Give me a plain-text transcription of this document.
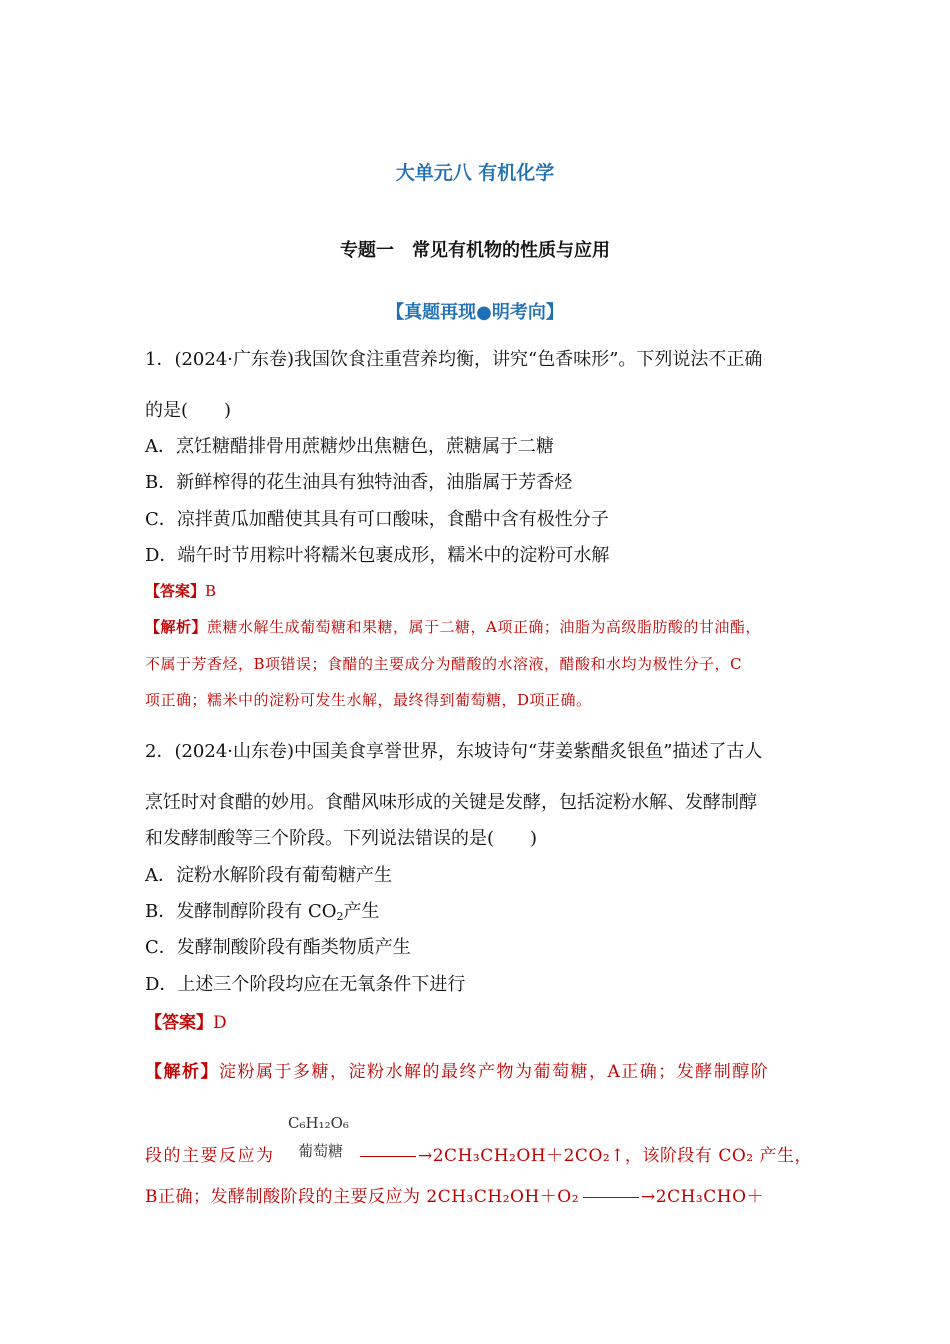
大单元八 有机化学
专题一　常见有机物的性质与应用
【真题再现●明考向】
1．(2024·广东卷)我国饮食注重营养均衡，讲究“色香味形”。下列说法不正确
的是(　　)
A．烹饪糖醋排骨用蔗糖炒出焦糖色，蔗糖属于二糖
B．新鲜榨得的花生油具有独特油香，油脂属于芳香烃
C．凉拌黄瓜加醋使其具有可口酸味，食醋中含有极性分子
D．端午时节用粽叶将糯米包裹成形，糯米中的淀粉可水解
【答案】B
【解析】蔗糖水解生成葡萄糖和果糖，属于二糖，A项正确；油脂为高级脂肪酸的甘油酯，
不属于芳香烃，B项错误；食醋的主要成分为醋酸的水溶液，醋酸和水均为极性分子，C
项正确；糯米中的淀粉可发生水解，最终得到葡萄糖，D项正确。
2．(2024·山东卷)中国美食享誉世界，东坡诗句“芽姜紫醋炙银鱼”描述了古人
烹饪时对食醋的妙用。食醋风味形成的关键是发酵，包括淀粉水解、发酵制醇
和发酵制酸等三个阶段。下列说法错误的是(　　)
A．淀粉水解阶段有葡萄糖产生
B．发酵制醇阶段有 $CO_2$产生
C．发酵制酸阶段有酯类物质产生
D．上述三个阶段均应在无氧条件下进行
【答案】D
【解析】淀粉属于多糖，淀粉水解的最终产物为葡萄糖，A正确；发酵制醇阶
C₆H₁₂O₆
葡萄糖
段的主要反应为	→2CH₃CH₂OH＋2CO₂↑，该阶段有 CO₂ 产生，
B正确；发酵制酸阶段的主要反应为 2CH₃CH₂OH＋O₂	→2CH₃CHO＋
